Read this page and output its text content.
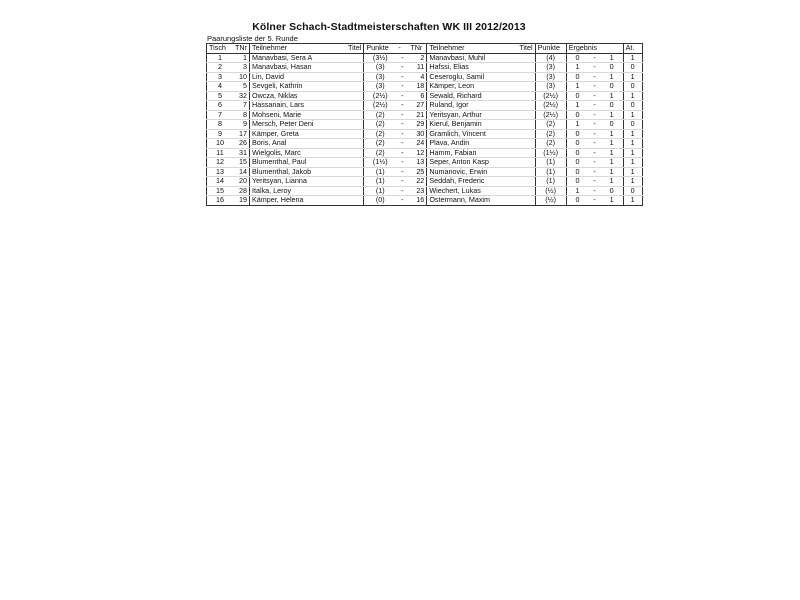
Kölner Schach-Stadtmeisterschaften WK III 2012/2013
Paarungsliste der 5. Runde
Tisch	TNr	Teilnehmer	Titel	Punkte	-	TNr	Teilnehmer	Titel	Punkte	Ergebnis	At.
1	1	Manavbasi, Sera A		(3½)	-	2	Manavbasi, Muhil		(4)	0 - 1	1
2	3	Manavbasi, Hasan		(3)	-	11	Hafssi, Elias		(3)	1 - 0	0
3	10	Lin, David		(3)	-	4	Ceseroglu, Samil		(3)	0 - 1	1
4	5	Sevgeli, Kathrin		(3)	-	18	Kämper, Leon		(3)	1 - 0	0
5	32	Owcza, Niklas		(2½)	-	6	Sewald, Richard		(2½)	0 - 1	1
6	7	Hassanain, Lars		(2½)	-	27	Ruland, Igor		(2½)	1 - 0	0
7	8	Mohseni, Marie		(2)	-	21	Yeritsyan, Arthur		(2½)	0 - 1	1
8	9	Mersch, Peter Deni		(2)	-	29	Kierul, Benjamin		(2)	1 - 0	0
9	17	Kämper, Greta		(2)	-	30	Gramlich, Vincent		(2)	0 - 1	1
10	26	Boris, Anal		(2)	-	24	Plava, Andin		(2)	0 - 1	1
11	31	Wielgolis, Marc		(2)	-	12	Hamm, Fabian		(1½)	0 - 1	1
12	15	Blumenthal, Paul		(1½)	-	13	Seper, Anton Kasp		(1)	0 - 1	1
13	14	Blumenthal, Jakob		(1)	-	25	Numanovic, Erwin		(1)	0 - 1	1
14	20	Yeritsyan, Lianna		(1)	-	22	Seddah, Frederic		(1)	0 - 1	1
15	28	Italka, Leroy		(1)	-	23	Wiechert, Lukas		(½)	1 - 0	0
16	19	Kämper, Helena		(0)	-	16	Ostermann, Maxim		(½)	0 - 1	1
